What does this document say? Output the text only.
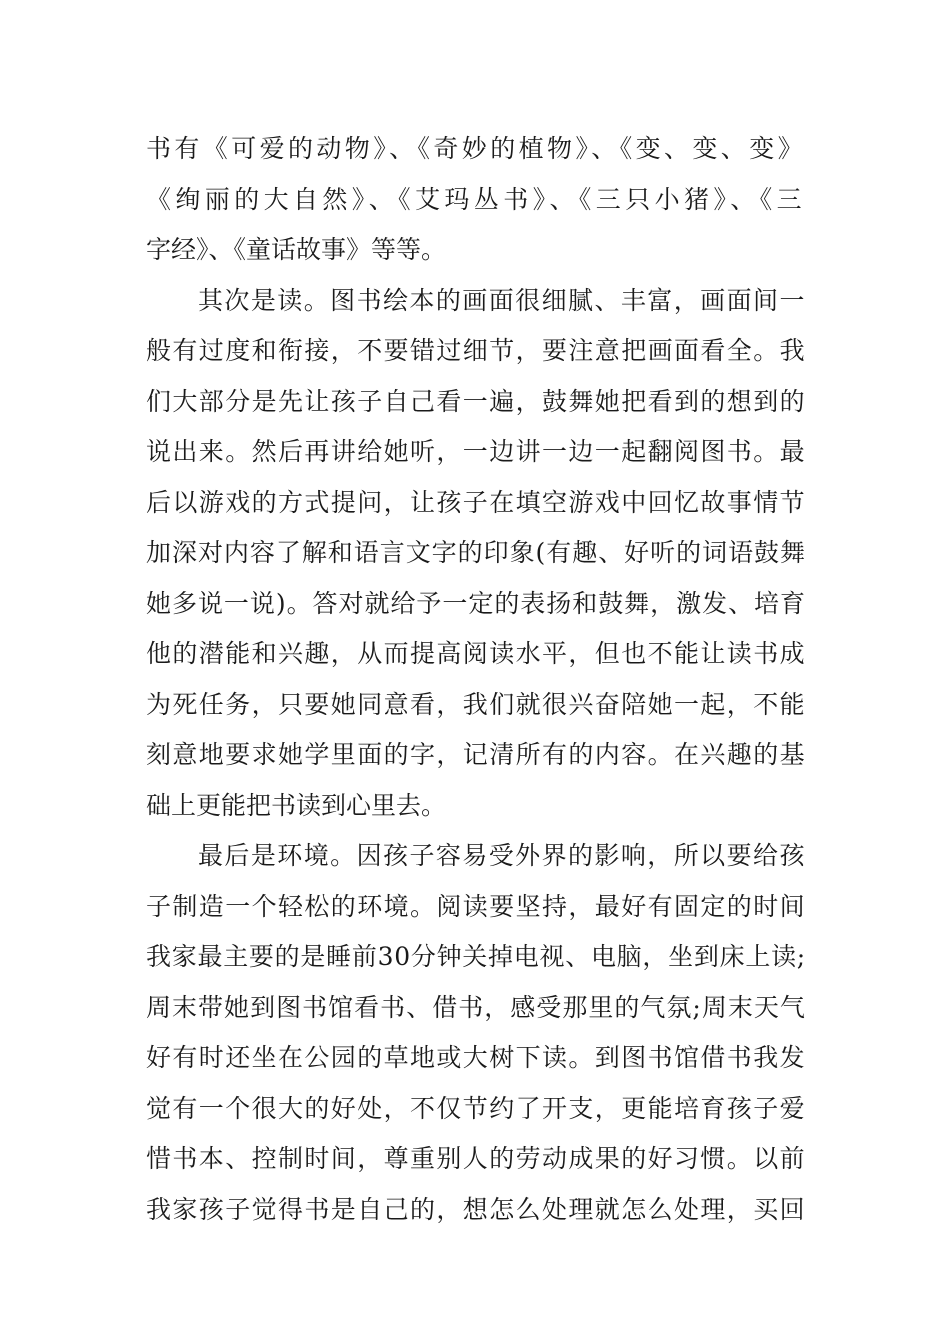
书有《可爱的动物》、《奇妙的植物》、《变、变、变》
《绚丽的大自然》、《艾玛丛书》、《三只小猪》、《三
字经》、《童话故事》等等。
其次是读。图书绘本的画面很细腻、丰富，画面间一
般有过度和衔接，不要错过细节，要注意把画面看全。我
们大部分是先让孩子自己看一遍，鼓舞她把看到的想到的
说出来。然后再讲给她听，一边讲一边一起翻阅图书。最
后以游戏的方式提问，让孩子在填空游戏中回忆故事情节
加深对内容了解和语言文字的印象(有趣、好听的词语鼓舞
她多说一说)。答对就给予一定的表扬和鼓舞，激发、培育
他的潜能和兴趣，从而提高阅读水平，但也不能让读书成
为死任务，只要她同意看，我们就很兴奋陪她一起，不能
刻意地要求她学里面的字，记清所有的内容。在兴趣的基
础上更能把书读到心里去。
最后是环境。因孩子容易受外界的影响，所以要给孩
子制造一个轻松的环境。阅读要坚持，最好有固定的时间
我家最主要的是睡前30分钟关掉电视、电脑，坐到床上读;
周末带她到图书馆看书、借书，感受那里的气氛;周末天气
好有时还坐在公园的草地或大树下读。到图书馆借书我发
觉有一个很大的好处，不仅节约了开支，更能培育孩子爱
惜书本、控制时间，尊重别人的劳动成果的好习惯。以前
我家孩子觉得书是自己的，想怎么处理就怎么处理，买回
